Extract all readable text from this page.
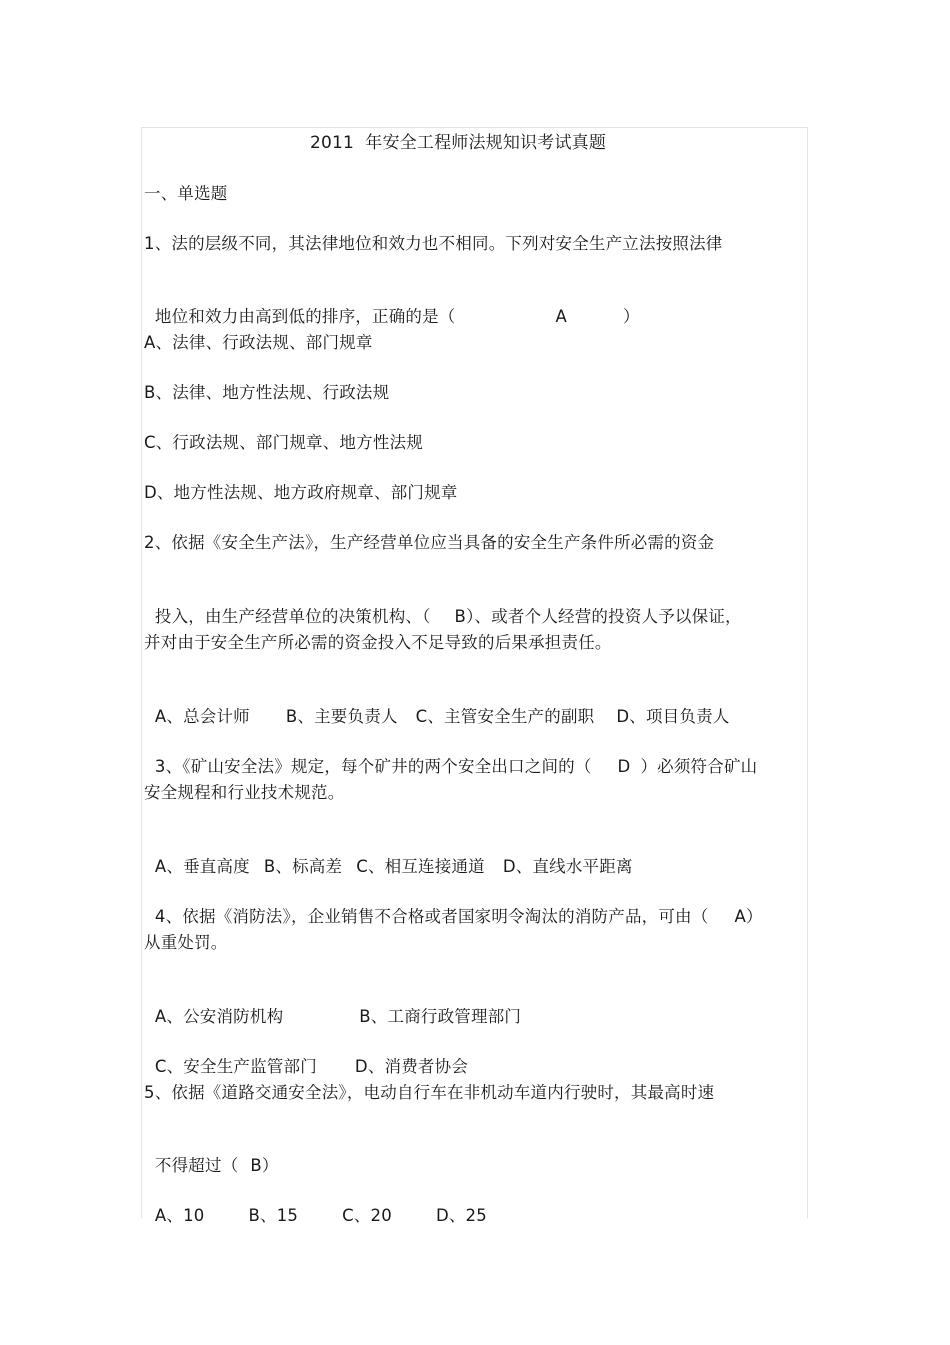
2011  年安全工程师法规知识考试真题
一、单选题
1、法的层级不同，其法律地位和效力也不相同。下列对安全生产立法按照法律

地位和效力由高到低的排序，正确的是（	A	）

A、法律、行政法规、部门规章
B、法律、地方性法规、行政法规
C、行政法规、部门规章、地方性法规
D、地方性法规、地方政府规章、部门规章
2、依据《安全生产法》，生产经营单位应当具备的安全生产条件所必需的资金

投入，由生产经营单位的决策机构、（ B）、或者个人经营的投资人予以保证，

并对由于安全生产所必需的资金投入不足导致的后果承担责任。

A、总会计师 B、主要负责人 C、主管安全生产的副职 D、项目负责人

3、《矿山安全法》规定，每个矿井的两个安全出口之间的（ D ）必须符合矿山

安全规程和行业技术规范。

A、垂直高度 B、标高差 C、相互连接通道 D、直线水平距离

4、依据《消防法》，企业销售不合格或者国家明令淘汰的消防产品，可由（ A）

从重处罚。

A、公安消防机构	B、工商行政管理部门

C、安全生产监管部门 D、消费者协会

5、依据《道路交通安全法》，电动自行车在非机动车道内行驶时，其最高时速

不得超过（ B）

A、10	B、15	C、20	D、25
